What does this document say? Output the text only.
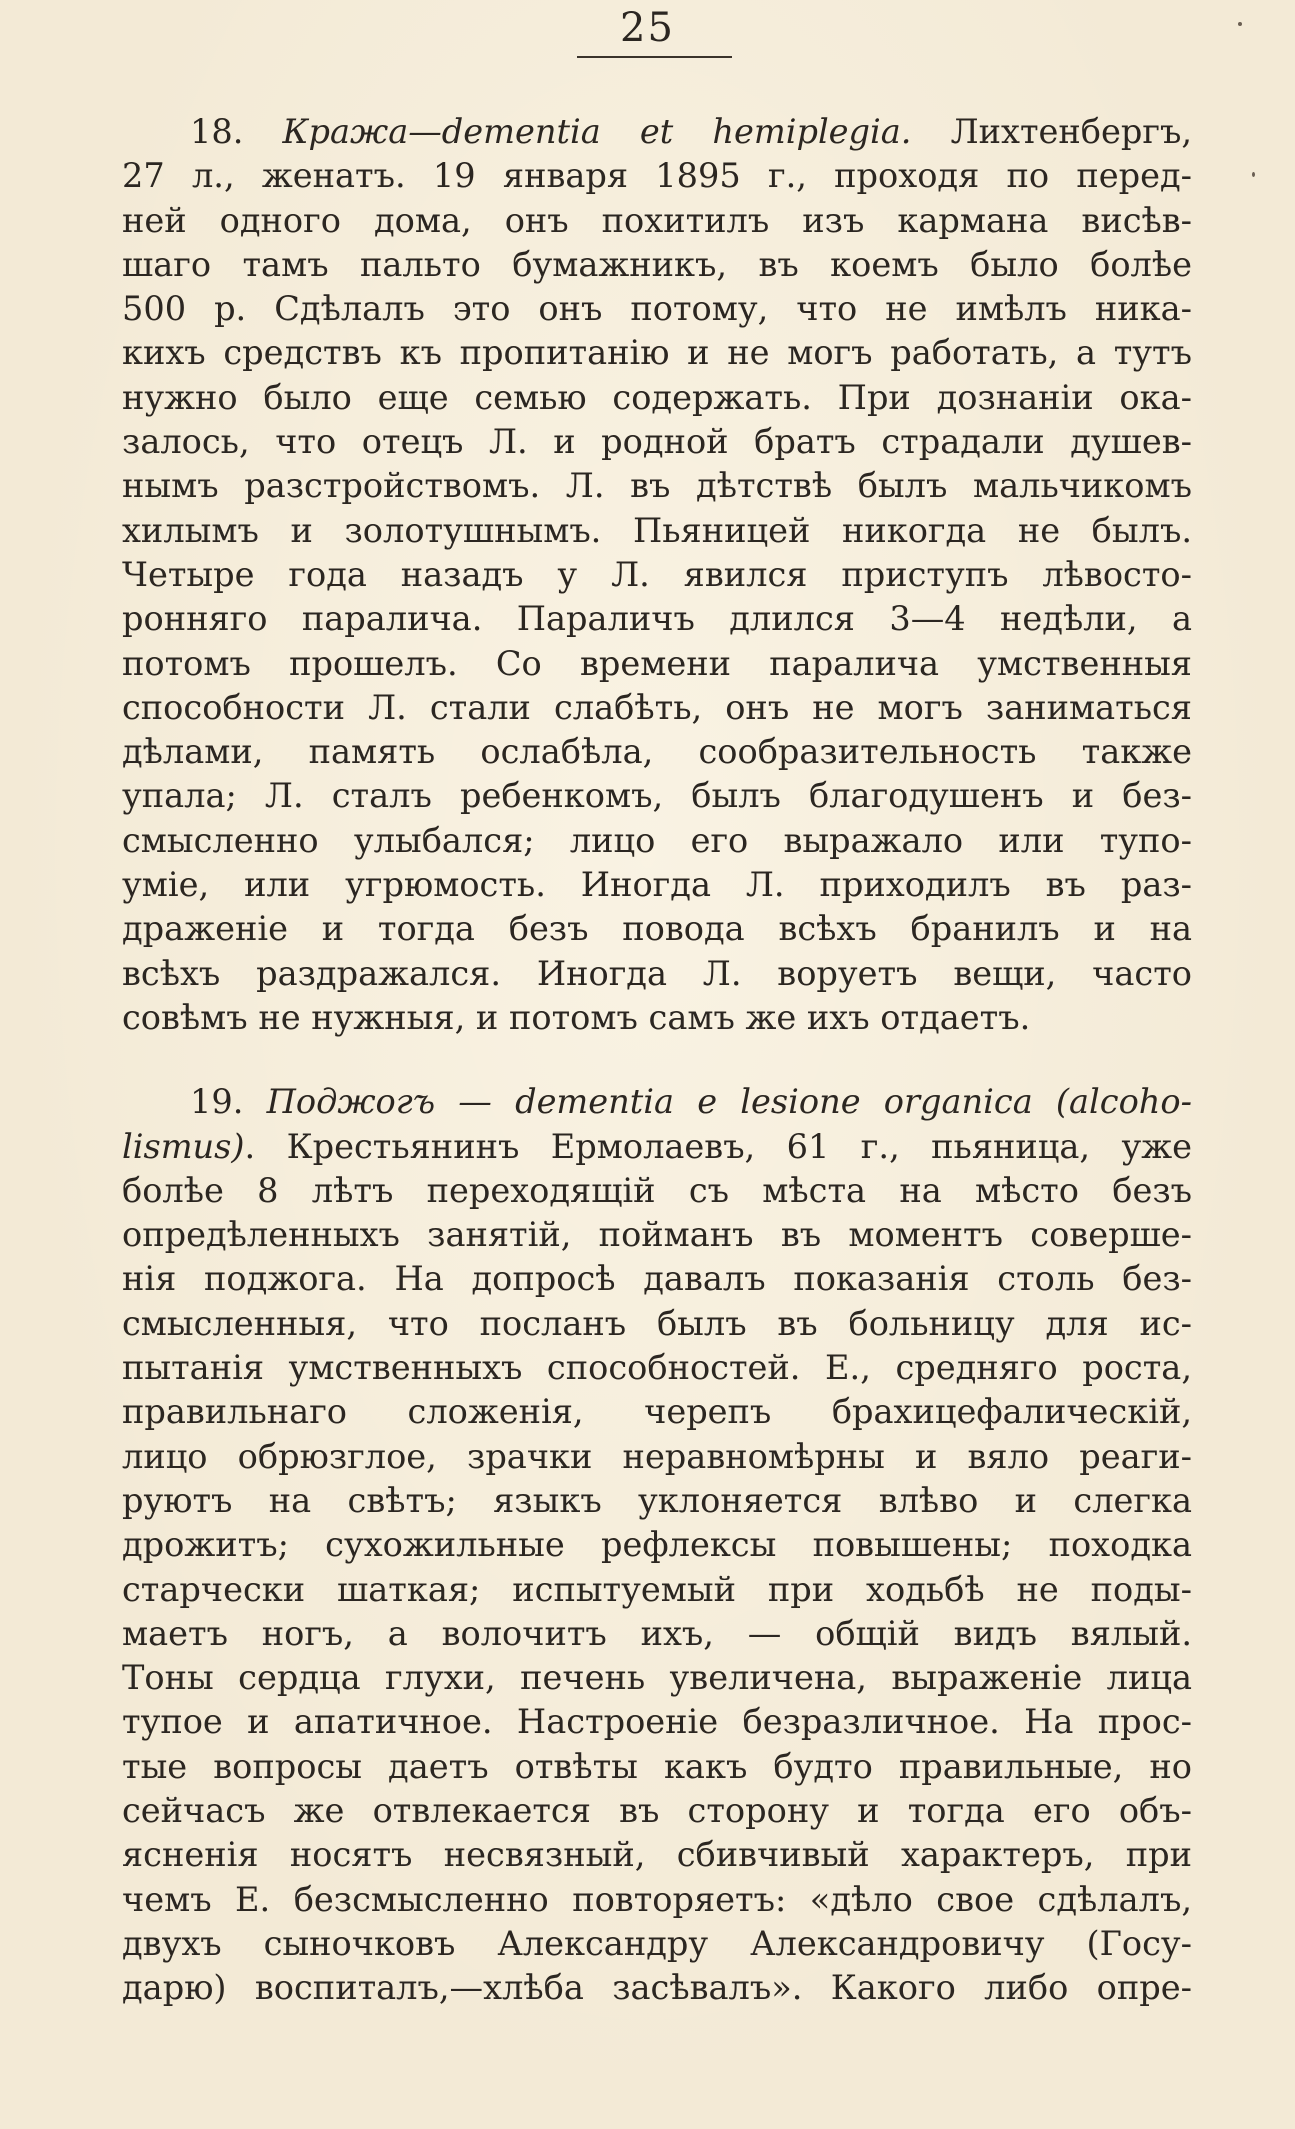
25
18. Кража—dementia et hemiplegia. Лихтенбергъ,
27 л., женатъ. 19 января 1895 г., проходя по перед-
ней одного дома, онъ похитилъ изъ кармана висѣв-
шаго тамъ пальто бумажникъ, въ коемъ было болѣе
500 р. Сдѣлалъ это онъ потому, что не имѣлъ ника-
кихъ средствъ къ пропитанію и не могъ работать, а тутъ
нужно было еще семью содержать. При дознаніи ока-
залось, что отецъ Л. и родной братъ страдали душев-
нымъ разстройствомъ. Л. въ дѣтствѣ былъ мальчикомъ
хилымъ и золотушнымъ. Пьяницей никогда не былъ.
Четыре года назадъ у Л. явился приступъ лѣвосто-
ронняго паралича. Параличъ длился 3—4 недѣли, а
потомъ прошелъ. Со времени паралича умственныя
способности Л. стали слабѣть, онъ не могъ заниматься
дѣлами, память ослабѣла, сообразительность также
упала; Л. сталъ ребенкомъ, былъ благодушенъ и без-
смысленно улыбался; лицо его выражало или тупо-
уміе, или угрюмость. Иногда Л. приходилъ въ раз-
драженіе и тогда безъ повода всѣхъ бранилъ и на
всѣхъ раздражался. Иногда Л. воруетъ вещи, часто
совѣмъ не нужныя, и потомъ самъ же ихъ отдаетъ.
19. Поджогъ — dementia e lesione organica (alcoho-
lismus). Крестьянинъ Ермолаевъ, 61 г., пьяница, уже
болѣе 8 лѣтъ переходящій съ мѣста на мѣсто безъ
опредѣленныхъ занятій, пойманъ въ моментъ соверше-
нія поджога. На допросѣ давалъ показанія столь без-
смысленныя, что посланъ былъ въ больницу для ис-
пытанія умственныхъ способностей. Е., средняго роста,
правильнаго сложенія, черепъ брахицефалическій,
лицо обрюзглое, зрачки неравномѣрны и вяло реаги-
руютъ на свѣтъ; языкъ уклоняется влѣво и слегка
дрожитъ; сухожильные рефлексы повышены; походка
старчески шаткая; испытуемый при ходьбѣ не поды-
маетъ ногъ, а волочитъ ихъ, — общій видъ вялый.
Тоны сердца глухи, печень увеличена, выраженіе лица
тупое и апатичное. Настроеніе безразличное. На прос-
тые вопросы даетъ отвѣты какъ будто правильные, но
сейчасъ же отвлекается въ сторону и тогда его объ-
ясненія носятъ несвязный, сбивчивый характеръ, при
чемъ Е. безсмысленно повторяетъ: «дѣло свое сдѣлалъ,
двухъ сыночковъ Александру Александровичу (Госу-
дарю) воспиталъ,—хлѣба засѣвалъ». Какого либо опре-
